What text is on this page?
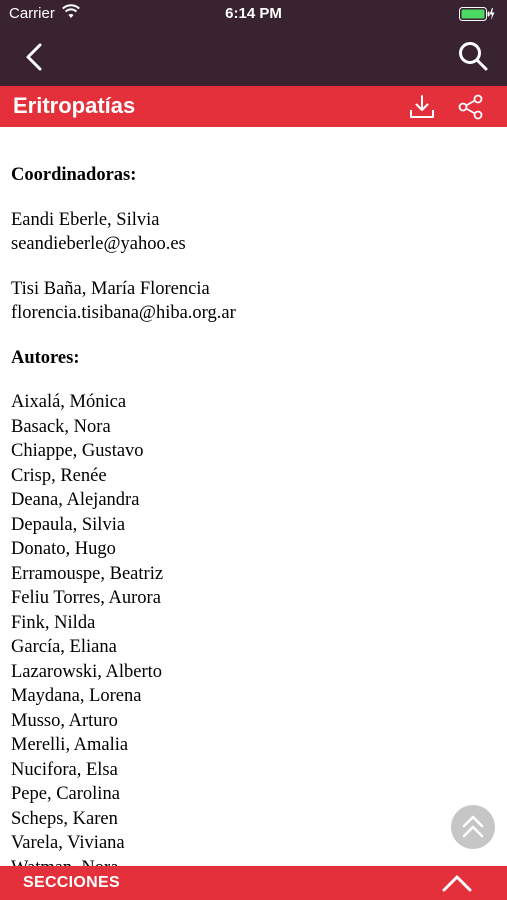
Carrier	6:14 PM
Eritropatías
Coordinadoras:
Eandi Eberle, Silvia
seandieberle@yahoo.es
Tisi Baña, María Florencia
florencia.tisibana@hiba.org.ar
Autores:
Aixalá, Mónica
Basack, Nora
Chiappe, Gustavo
Crisp, Renée
Deana, Alejandra
Depaula, Silvia
Donato, Hugo
Erramouspe, Beatriz
Feliu Torres, Aurora
Fink, Nilda
García, Eliana
Lazarowski, Alberto
Maydana, Lorena
Musso, Arturo
Merelli, Amalia
Nucifora, Elsa
Pepe, Carolina
Scheps, Karen
Varela, Viviana
SECCIONES
